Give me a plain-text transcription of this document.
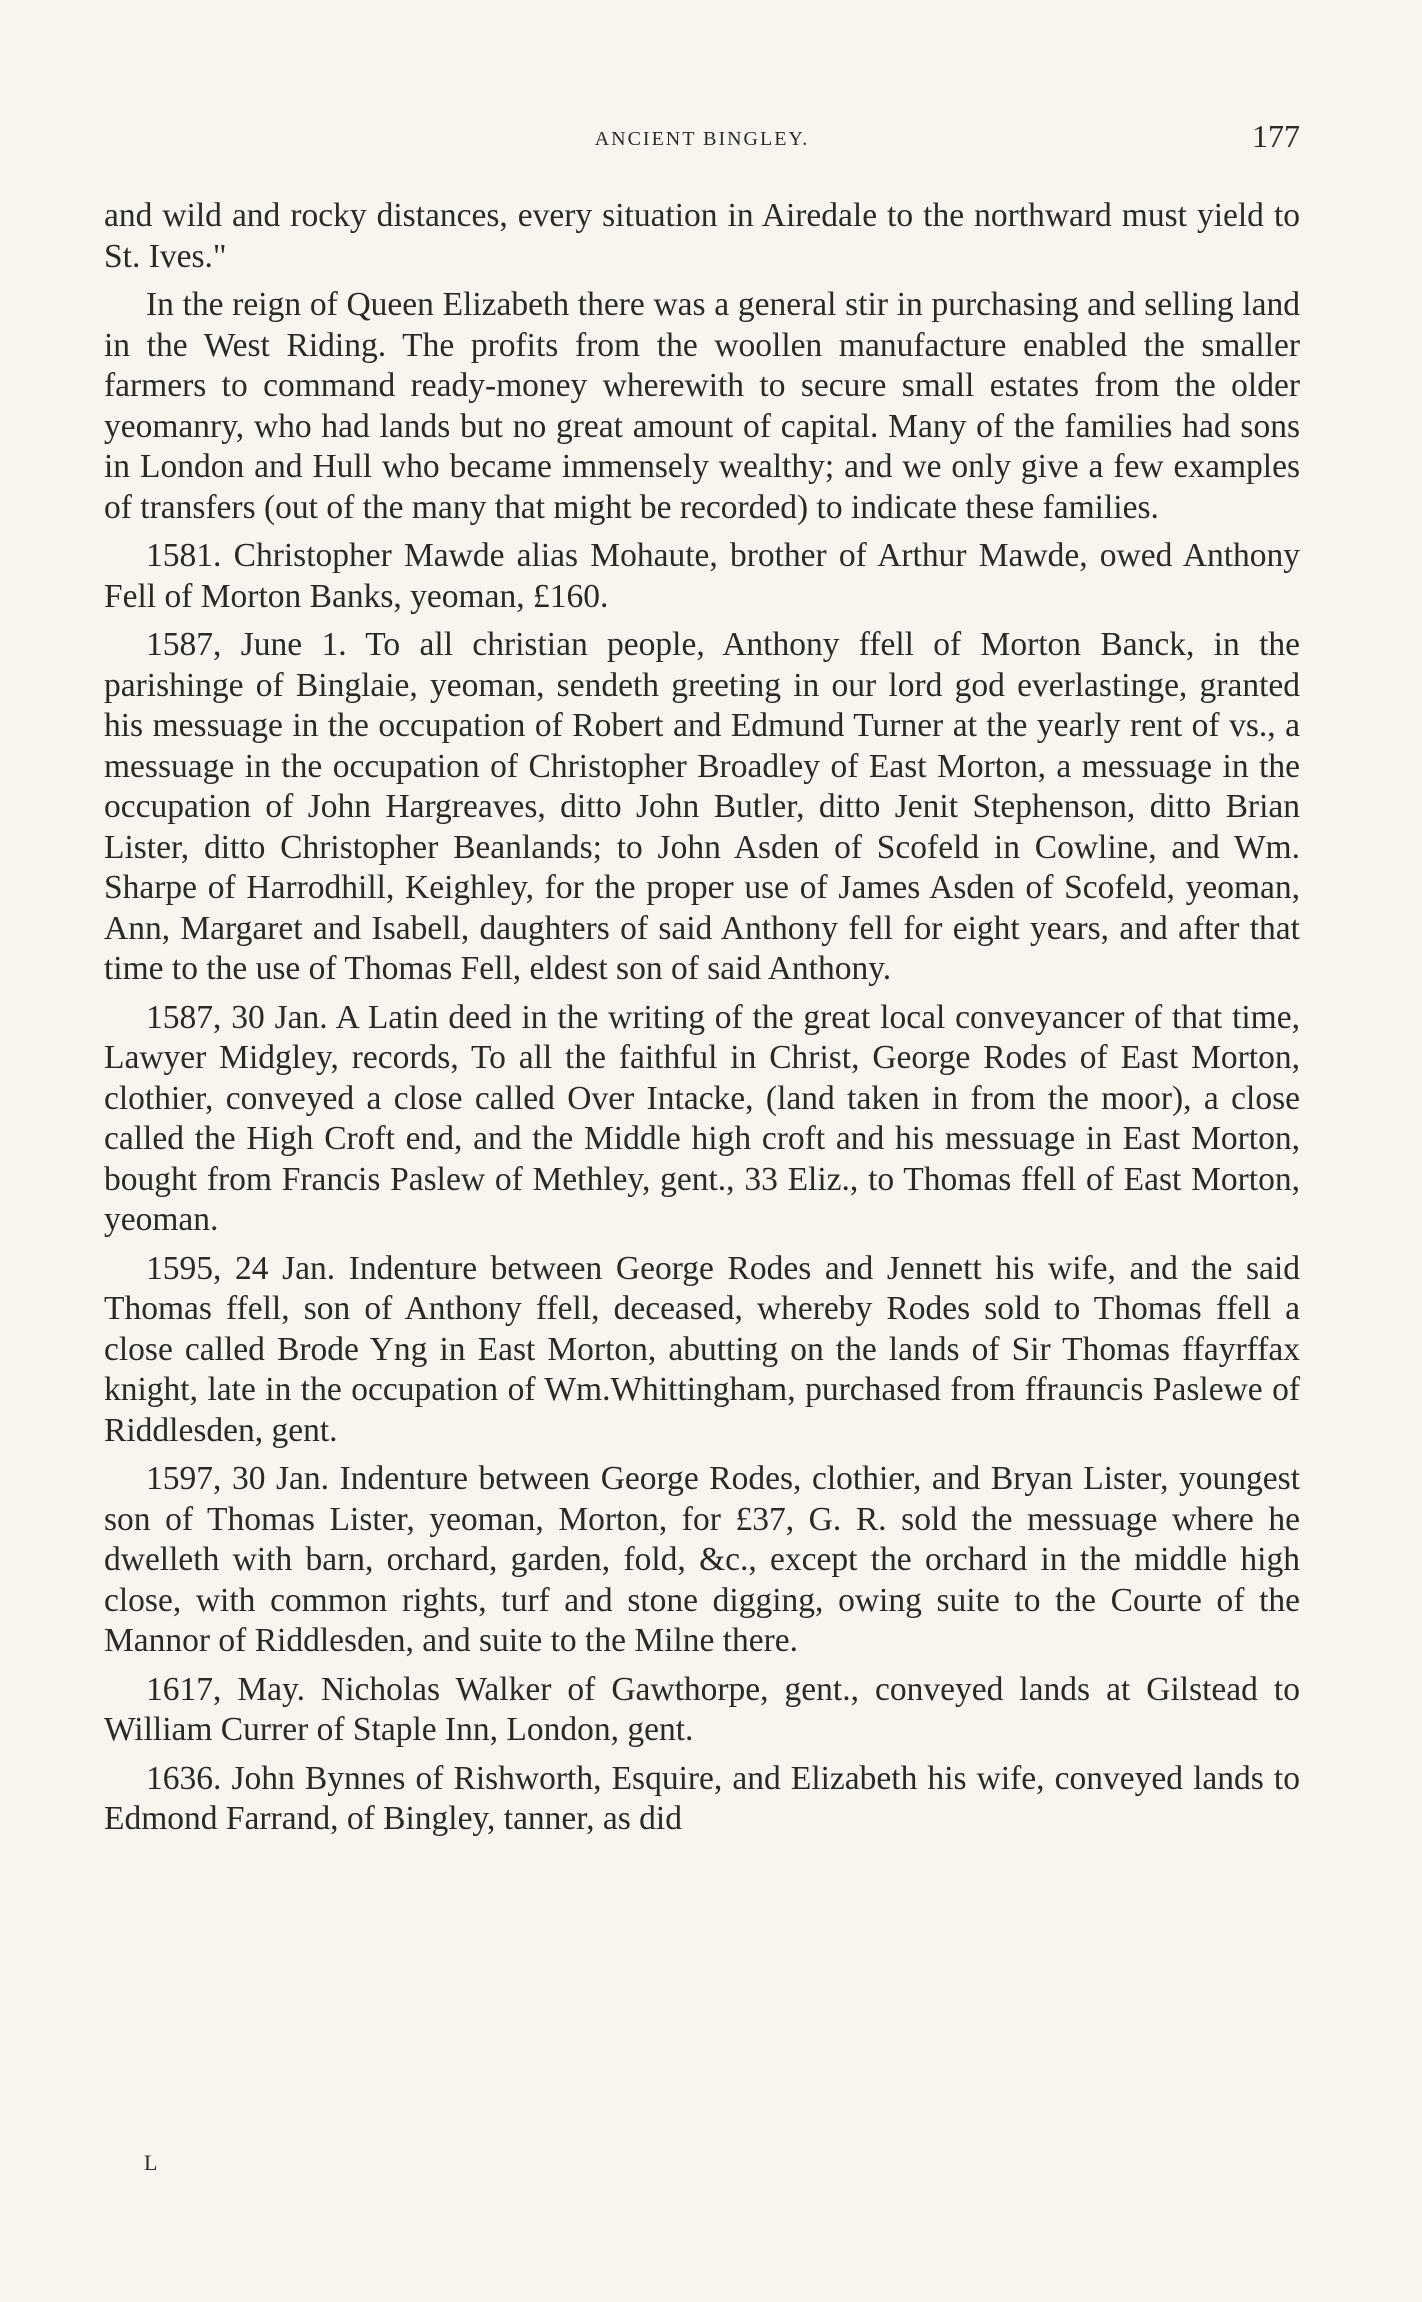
ANCIENT BINGLEY.	177

and wild and rocky distances, every situation in Airedale to the northward must yield to St. Ives."

In the reign of Queen Elizabeth there was a general stir in purchasing and selling land in the West Riding. The profits from the woollen manufacture enabled the smaller farmers to command ready-money wherewith to secure small estates from the older yeomanry, who had lands but no great amount of capital. Many of the families had sons in London and Hull who became immensely wealthy; and we only give a few examples of transfers (out of the many that might be recorded) to indicate these families.

1581. Christopher Mawde alias Mohaute, brother of Arthur Mawde, owed Anthony Fell of Morton Banks, yeoman, £160.

1587, June 1. To all christian people, Anthony ffell of Morton Banck, in the parishinge of Binglaie, yeoman, sendeth greeting in our lord god everlastinge, granted his messuage in the occupation of Robert and Edmund Turner at the yearly rent of vs., a messuage in the occupation of Christopher Broadley of East Morton, a messuage in the occupation of John Hargreaves, ditto John Butler, ditto Jenit Stephenson, ditto Brian Lister, ditto Christopher Beanlands; to John Asden of Scofeld in Cowline, and Wm. Sharpe of Harrodhill, Keighley, for the proper use of James Asden of Scofeld, yeoman, Ann, Margaret and Isabell, daughters of said Anthony fell for eight years, and after that time to the use of Thomas Fell, eldest son of said Anthony.

1587, 30 Jan. A Latin deed in the writing of the great local conveyancer of that time, Lawyer Midgley, records, To all the faithful in Christ, George Rodes of East Morton, clothier, conveyed a close called Over Intacke, (land taken in from the moor), a close called the High Croft end, and the Middle high croft and his messuage in East Morton, bought from Francis Paslew of Methley, gent., 33 Eliz., to Thomas ffell of East Morton, yeoman.

1595, 24 Jan. Indenture between George Rodes and Jennett his wife, and the said Thomas ffell, son of Anthony ffell, deceased, whereby Rodes sold to Thomas ffell a close called Brode Yng in East Morton, abutting on the lands of Sir Thomas ffayrffax knight, late in the occupation of Wm.Whittingham, purchased from ffrauncis Paslewe of Riddlesden, gent.

1597, 30 Jan. Indenture between George Rodes, clothier, and Bryan Lister, youngest son of Thomas Lister, yeoman, Morton, for £37, G. R. sold the messuage where he dwelleth with barn, orchard, garden, fold, &c., except the orchard in the middle high close, with common rights, turf and stone digging, owing suite to the Courte of the Mannor of Riddlesden, and suite to the Milne there.

1617, May. Nicholas Walker of Gawthorpe, gent., conveyed lands at Gilstead to William Currer of Staple Inn, London, gent.

1636. John Bynnes of Rishworth, Esquire, and Elizabeth his wife, conveyed lands to Edmond Farrand, of Bingley, tanner, as did

L
